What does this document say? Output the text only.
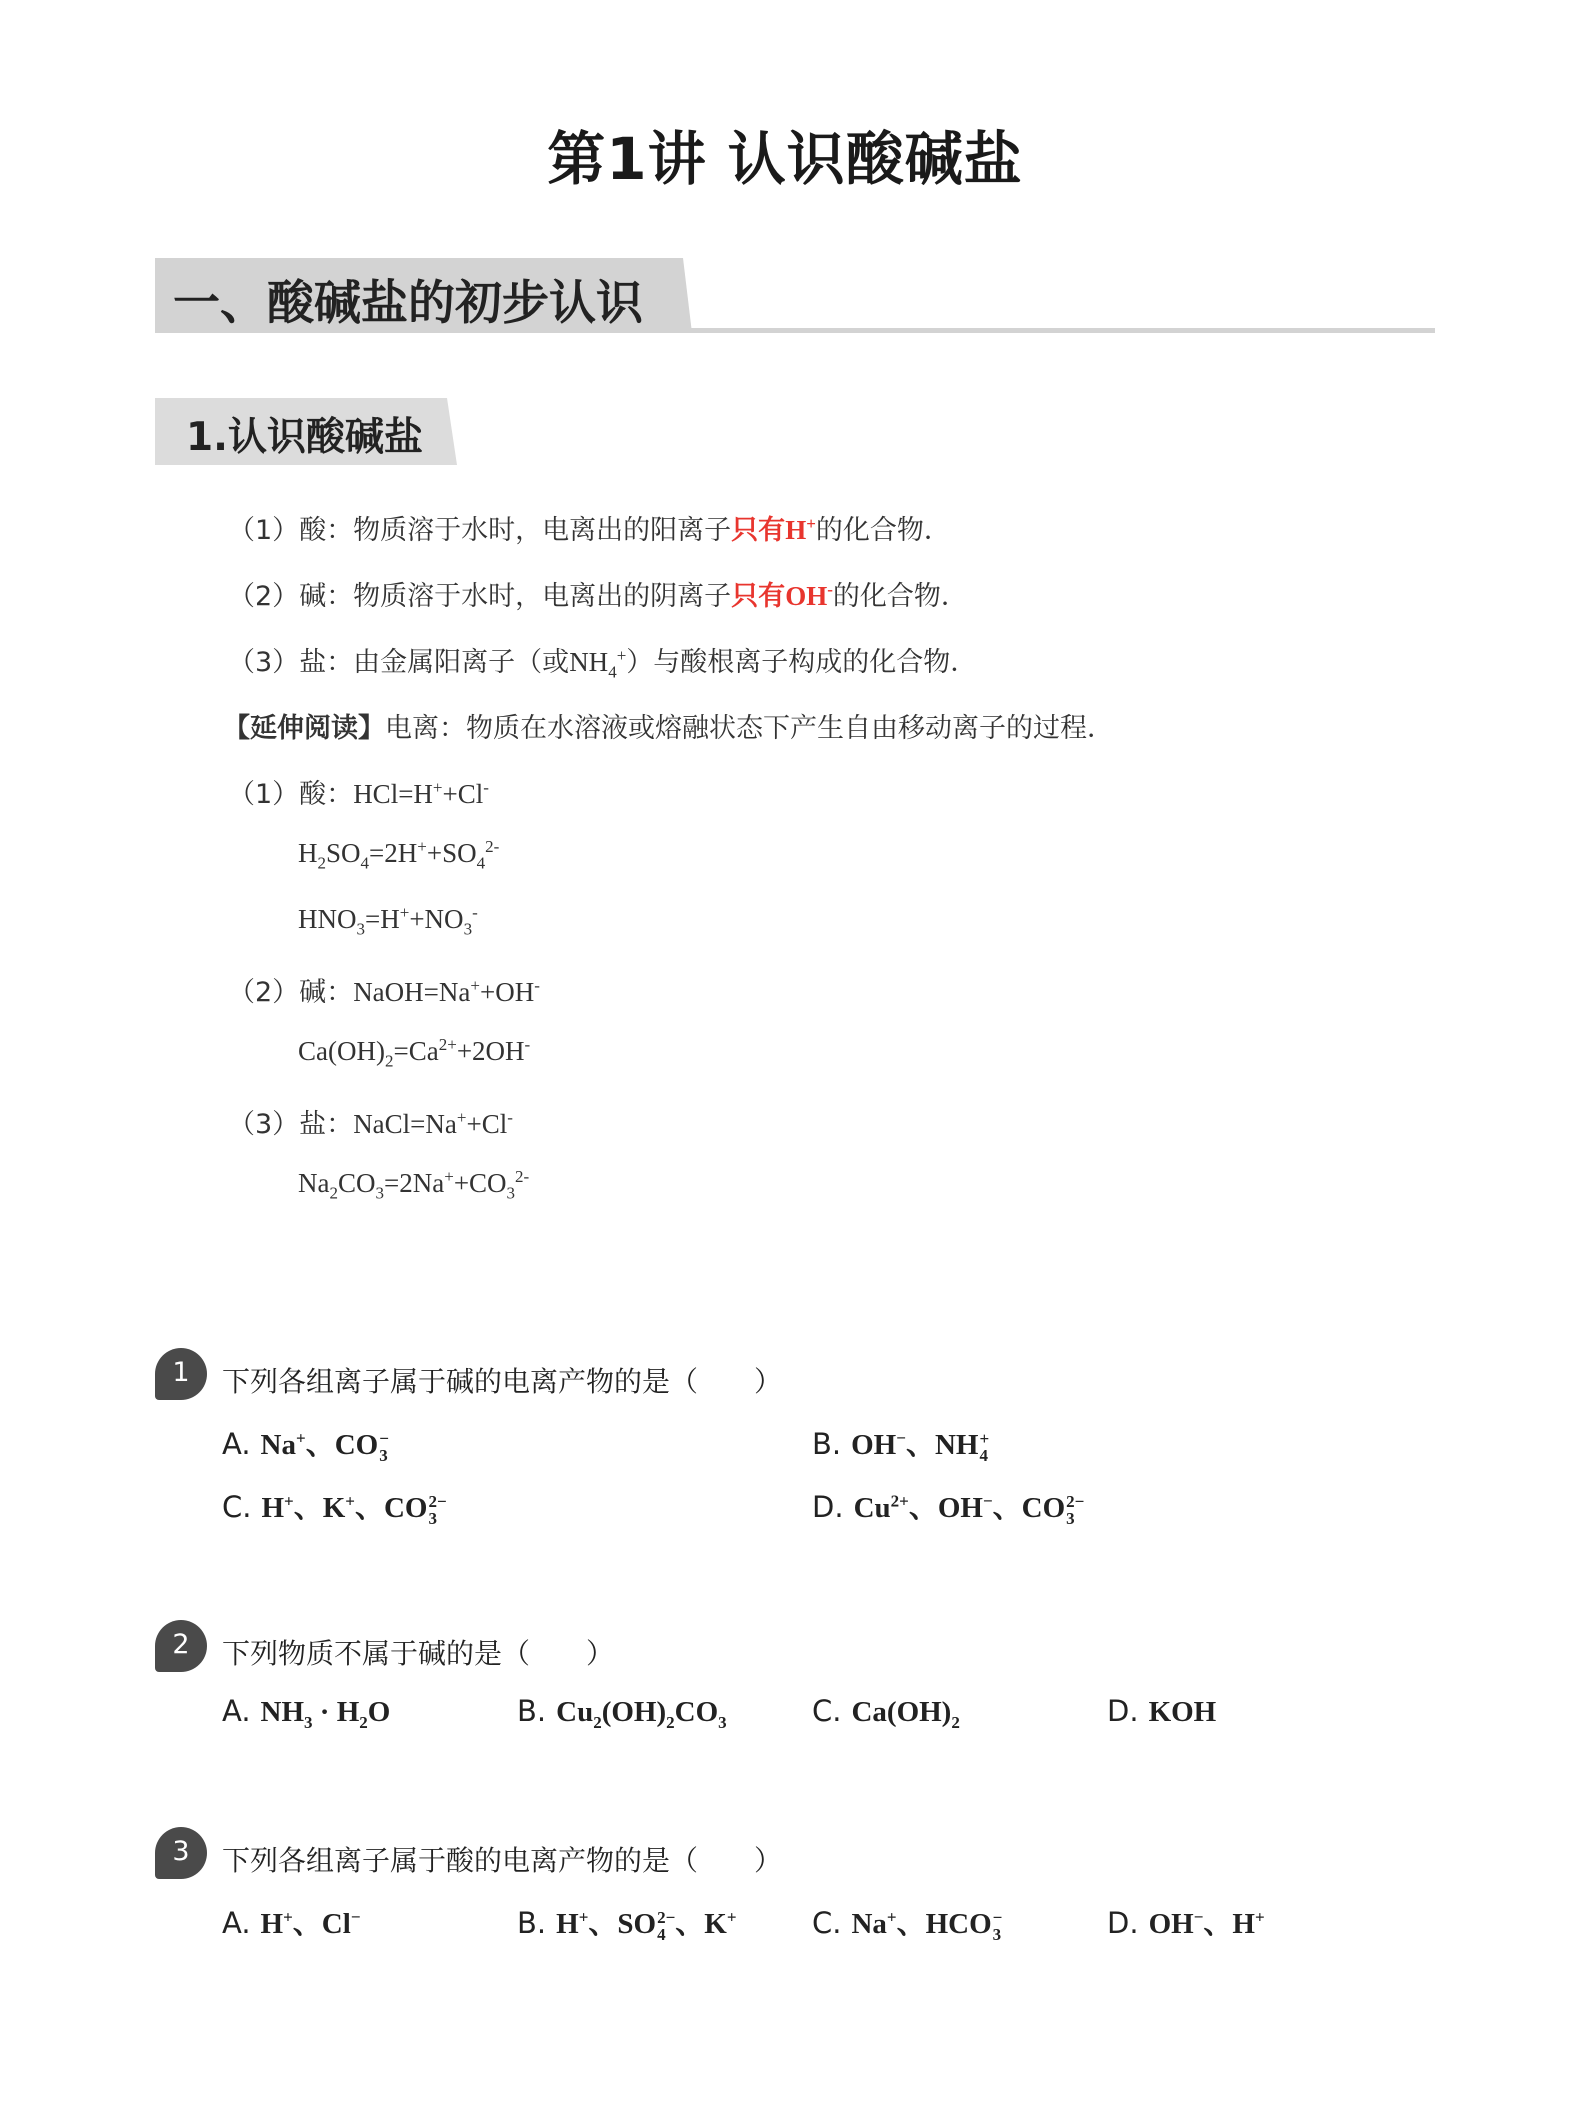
第1讲 认识酸碱盐
一、酸碱盐的初步认识
1.认识酸碱盐
（1）酸：物质溶于水时，电离出的阳离子只有H+的化合物．
（2）碱：物质溶于水时，电离出的阴离子只有OH-的化合物．
（3）盐：由金属阳离子（或$NH_4^+$）与酸根离子构成的化合物．
【延伸阅读】电离：物质在水溶液或熔融状态下产生自由移动离子的过程．
（1）酸：HCl=H++Cl-
$H_2SO_4=2H^++SO_4^{2-}$
$HNO_3=H^++NO_3^-$
（2）碱：NaOH=Na++OH-
$Ca(OH)_2=Ca^{2+}+2OH^-$
（3）盐：NaCl=Na++Cl-
$Na_2CO_3=2Na^++CO_3^{2-}$
1	下列各组离子属于碱的电离产物的是（　　）
A. Na+、CO −
3	B. OH−、NH +
4
C. H+、K+、CO 2−
3	D. $Cu^{2+}$、OH−、CO 2−
3
2	下列物质不属于碱的是（　　）
A. $NH_3 \cdot H_2O$	B. $Cu_2(OH)_2CO_3$	C. $Ca(OH)_2$	D. KOH
3	下列各组离子属于酸的电离产物的是（　　）
A. H+、Cl−	B. H+、SO 2−
4 、K+	C. Na+、HCO −
3	D. OH−、H+
